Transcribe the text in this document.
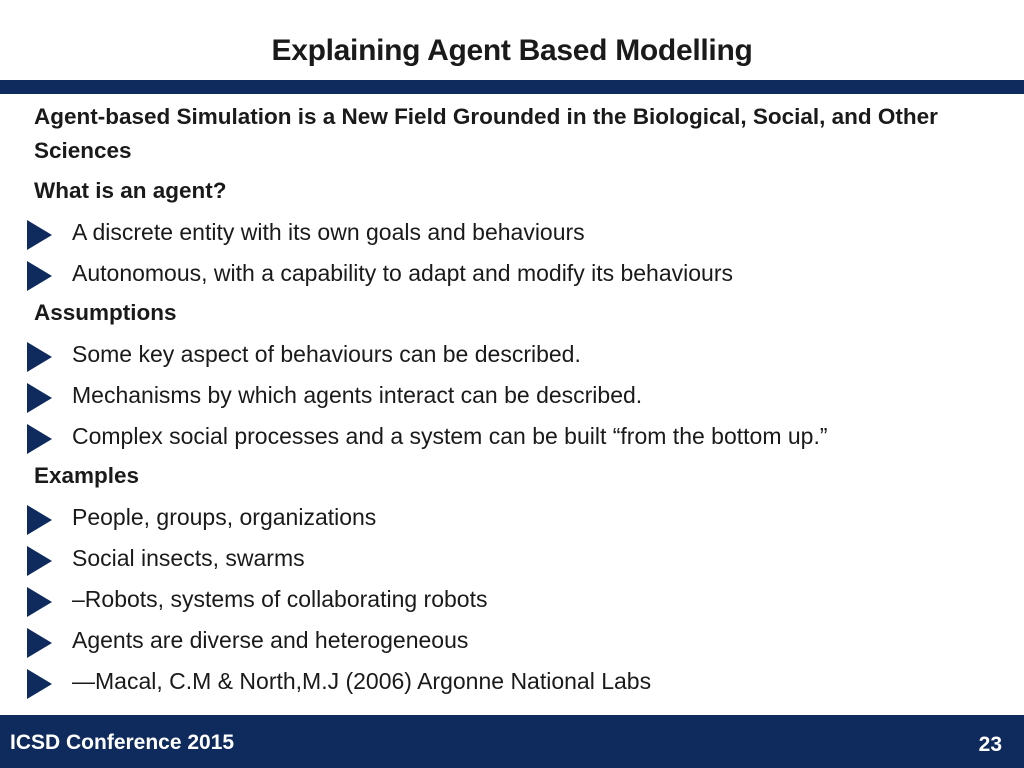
Explaining Agent Based Modelling
Agent-based Simulation is a New Field Grounded in the Biological, Social, and Other Sciences
What is an agent?
A discrete entity with its own goals and behaviours
Autonomous, with a capability to adapt and modify its behaviours
Assumptions
Some key aspect of behaviours can be described.
Mechanisms by which agents interact can be described.
Complex social processes and a system can be built “from the bottom up.”
Examples
People, groups, organizations
Social insects, swarms
–Robots, systems of collaborating robots
Agents are diverse and heterogeneous
—Macal, C.M & North,M.J (2006) Argonne National Labs
ICSD Conference 2015	23
